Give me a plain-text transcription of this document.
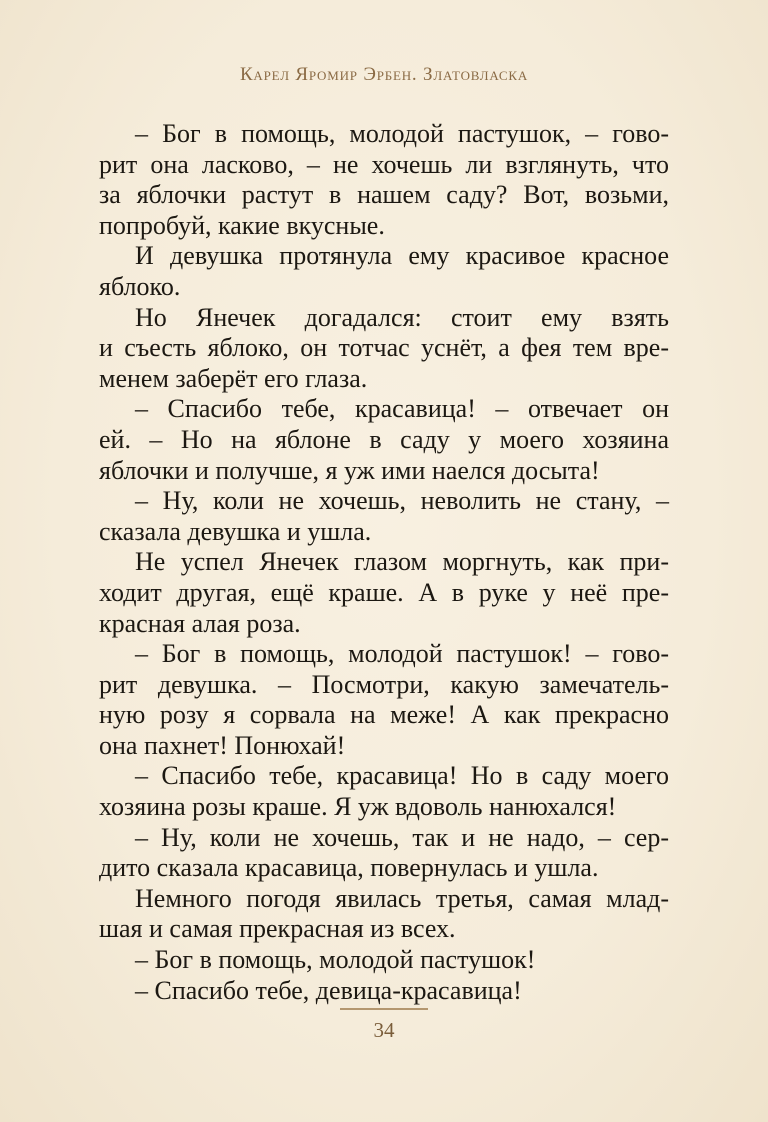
Карел Яромир Эрбен. Златовласка
– Бог в помощь, молодой пастушок, – гово-
рит она ласково, – не хочешь ли взглянуть, что
за яблочки растут в нашем саду? Вот, возьми,
попробуй, какие вкусные.
И девушка протянула ему красивое красное
яблоко.
Но Янечек догадался: стоит ему взять
и съесть яблоко, он тотчас уснёт, а фея тем вре-
менем заберёт его глаза.
– Спасибо тебе, красавица! – отвечает он
ей. – Но на яблоне в саду у моего хозяина
яблочки и получше, я уж ими наелся досыта!
– Ну, коли не хочешь, неволить не стану, –
сказала девушка и ушла.
Не успел Янечек глазом моргнуть, как при-
ходит другая, ещё краше. А в руке у неё пре-
красная алая роза.
– Бог в помощь, молодой пастушок! – гово-
рит девушка. – Посмотри, какую замечатель-
ную розу я сорвала на меже! А как прекрасно
она пахнет! Понюхай!
– Спасибо тебе, красавица! Но в саду моего
хозяина розы краше. Я уж вдоволь нанюхался!
– Ну, коли не хочешь, так и не надо, – сер-
дито сказала красавица, повернулась и ушла.
Немного погодя явилась третья, самая млад-
шая и самая прекрасная из всех.
– Бог в помощь, молодой пастушок!
– Спасибо тебе, девица-красавица!
34
